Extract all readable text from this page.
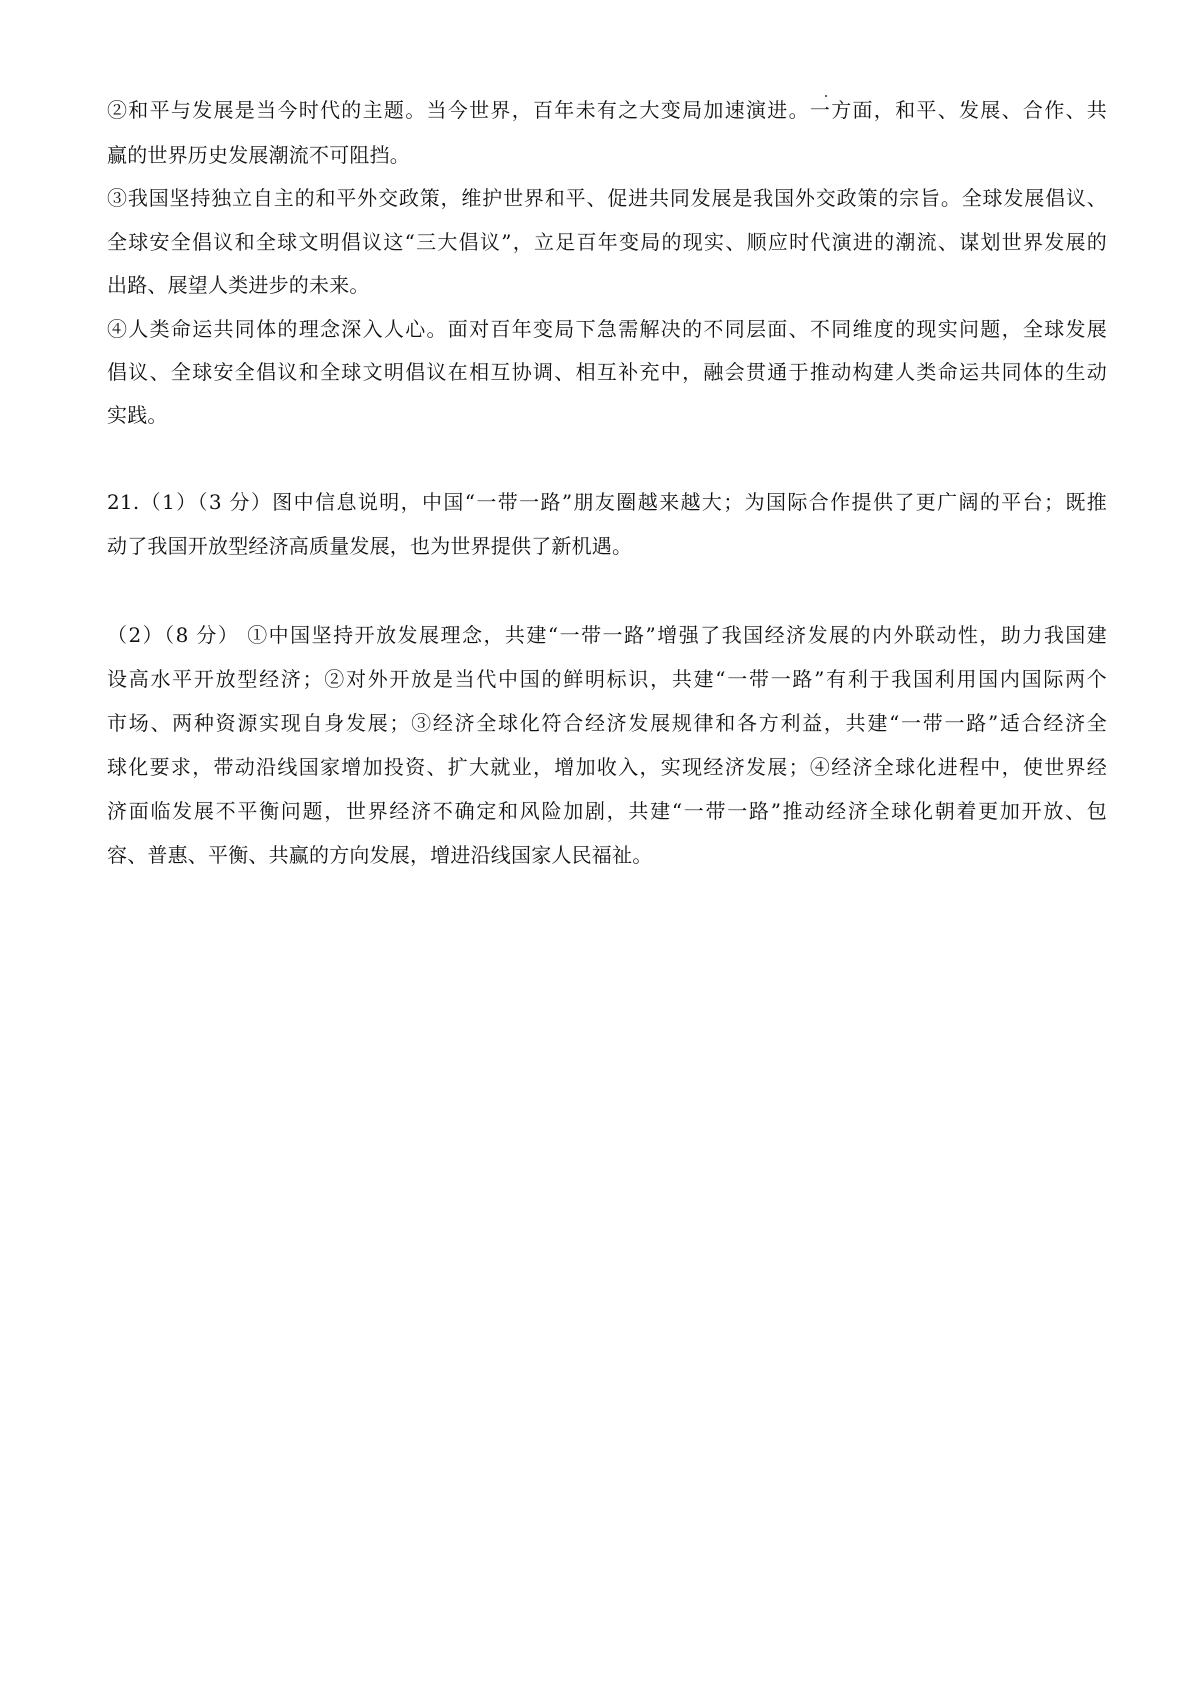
②和平与发展是当今时代的主题。当今世界，百年未有之大变局加速演进。一方面，和平、发展、合作、共
赢的世界历史发展潮流不可阻挡。
③我国坚持独立自主的和平外交政策，维护世界和平、促进共同发展是我国外交政策的宗旨。全球发展倡议、
全球安全倡议和全球文明倡议这“三大倡议”，立足百年变局的现实、顺应时代演进的潮流、谋划世界发展的
出路、展望人类进步的未来。
④人类命运共同体的理念深入人心。面对百年变局下急需解决的不同层面、不同维度的现实问题，全球发展
倡议、全球安全倡议和全球文明倡议在相互协调、相互补充中，融会贯通于推动构建人类命运共同体的生动
实践。
21.（1）（3 分）图中信息说明，中国“一带一路”朋友圈越来越大；为国际合作提供了更广阔的平台；既推
动了我国开放型经济高质量发展，也为世界提供了新机遇。
（2）（8 分） ①中国坚持开放发展理念，共建“一带一路”增强了我国经济发展的内外联动性，助力我国建
设高水平开放型经济；②对外开放是当代中国的鲜明标识，共建“一带一路”有利于我国利用国内国际两个
市场、两种资源实现自身发展；③经济全球化符合经济发展规律和各方利益，共建“一带一路”适合经济全
球化要求，带动沿线国家增加投资、扩大就业，增加收入，实现经济发展；④经济全球化进程中，使世界经
济面临发展不平衡问题，世界经济不确定和风险加剧，共建“一带一路”推动经济全球化朝着更加开放、包
容、普惠、平衡、共赢的方向发展，增进沿线国家人民福祉。
